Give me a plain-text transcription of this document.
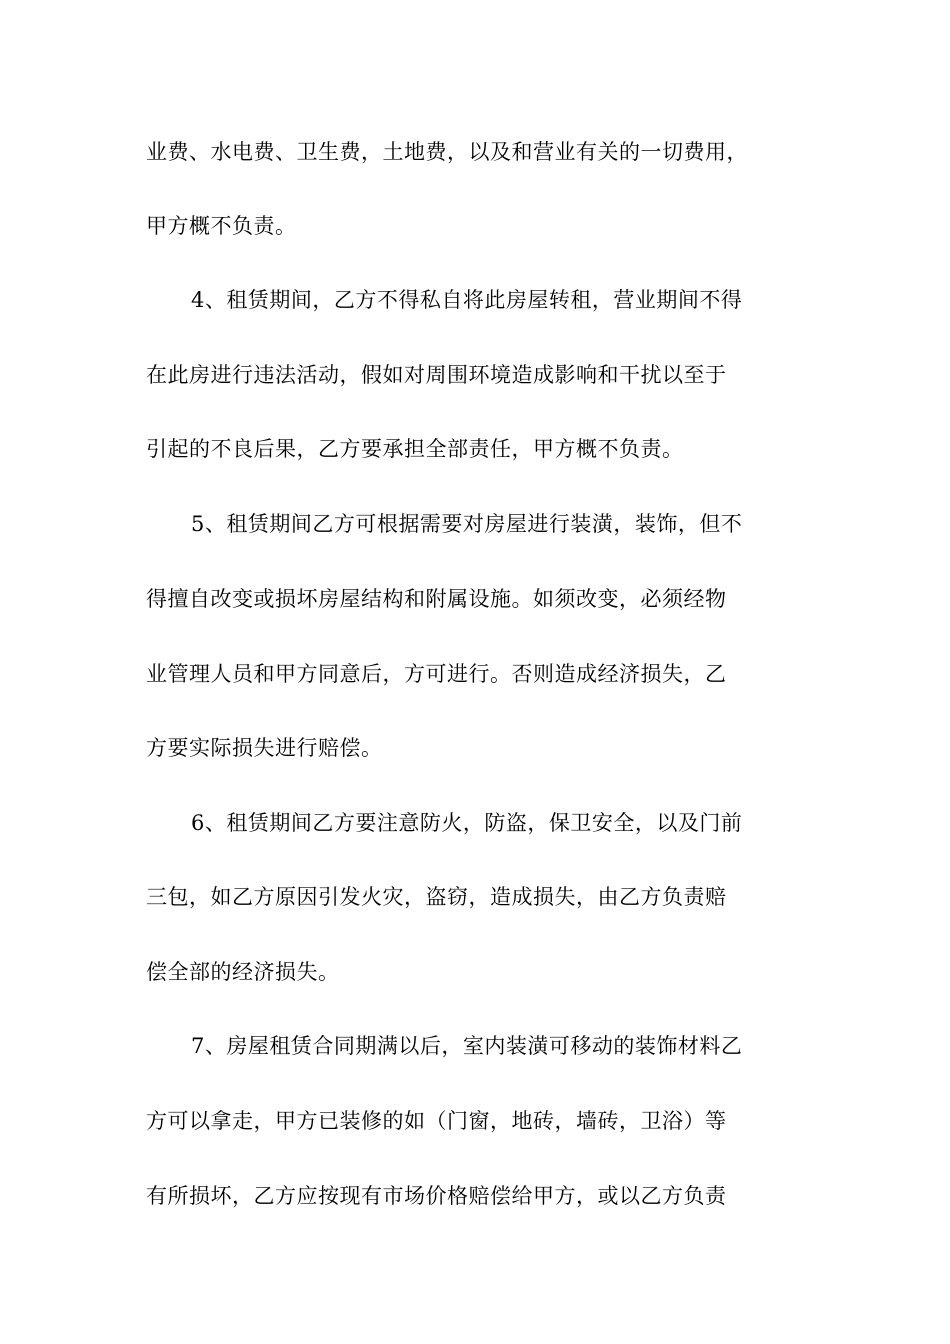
业费、水电费、卫生费，土地费，以及和营业有关的一切费用，
甲方概不负责。
4、租赁期间，乙方不得私自将此房屋转租，营业期间不得
在此房进行违法活动，假如对周围环境造成影响和干扰以至于
引起的不良后果，乙方要承担全部责任，甲方概不负责。
5、租赁期间乙方可根据需要对房屋进行装潢，装饰，但不
得擅自改变或损坏房屋结构和附属设施。如须改变，必须经物
业管理人员和甲方同意后，方可进行。否则造成经济损失，乙
方要实际损失进行赔偿。
6、租赁期间乙方要注意防火，防盗，保卫安全，以及门前
三包，如乙方原因引发火灾，盗窃，造成损失，由乙方负责赔
偿全部的经济损失。
7、房屋租赁合同期满以后，室内装潢可移动的装饰材料乙
方可以拿走，甲方已装修的如（门窗，地砖，墙砖，卫浴）等
有所损坏，乙方应按现有市场价格赔偿给甲方，或以乙方负责
